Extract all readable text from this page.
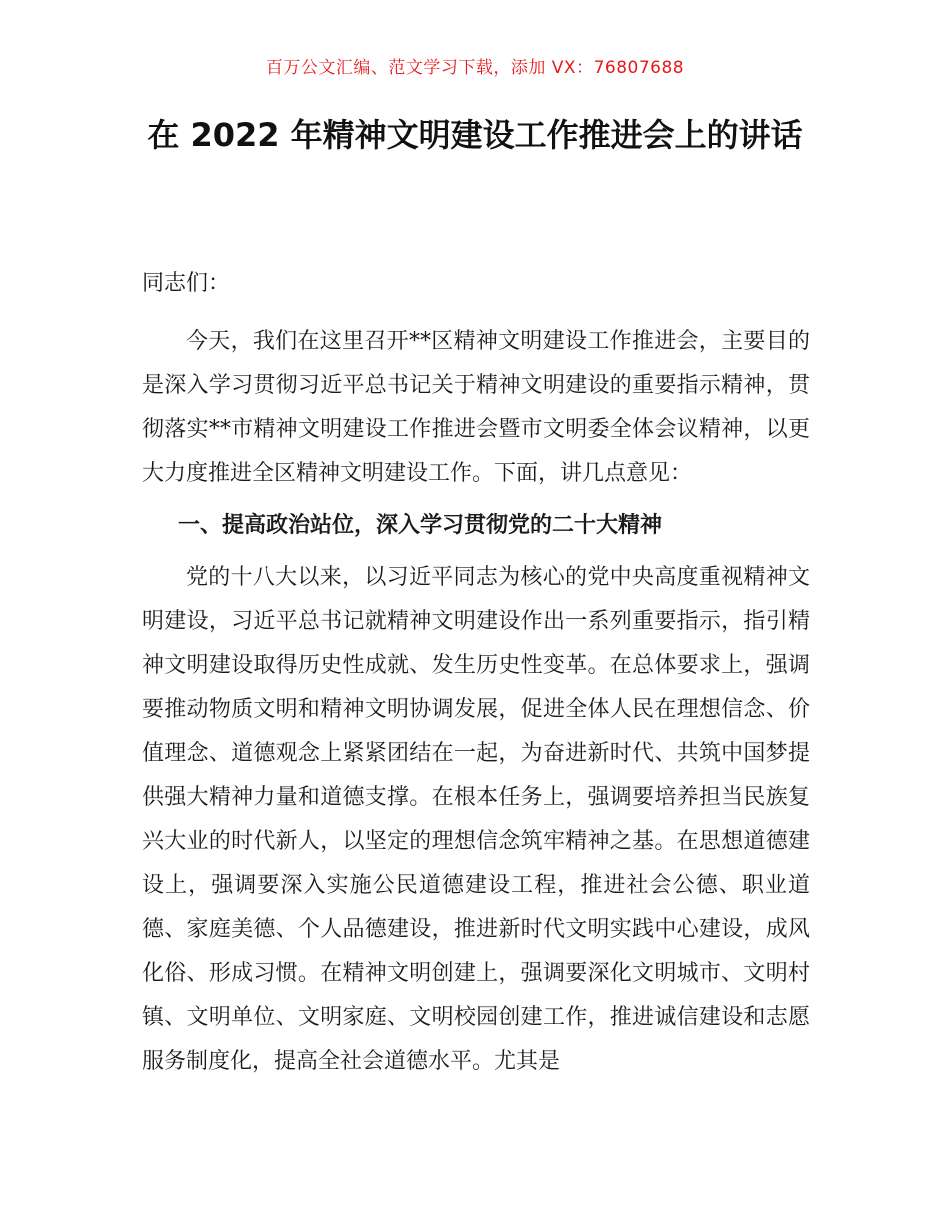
百万公文汇编、范文学习下载，添加 VX：76807688
在 2022 年精神文明建设工作推进会上的讲话

同志们：

今天，我们在这里召开**区精神文明建设工作推进会，主要目的是深入学习贯彻习近平总书记关于精神文明建设的重要指示精神，贯彻落实**市精神文明建设工作推进会暨市文明委全体会议精神，以更大力度推进全区精神文明建设工作。下面，讲几点意见：

一、提高政治站位，深入学习贯彻党的二十大精神

党的十八大以来，以习近平同志为核心的党中央高度重视精神文明建设，习近平总书记就精神文明建设作出一系列重要指示，指引精神文明建设取得历史性成就、发生历史性变革。在总体要求上，强调要推动物质文明和精神文明协调发展，促进全体人民在理想信念、价值理念、道德观念上紧紧团结在一起，为奋进新时代、共筑中国梦提供强大精神力量和道德支撑。在根本任务上，强调要培养担当民族复兴大业的时代新人，以坚定的理想信念筑牢精神之基。在思想道德建设上，强调要深入实施公民道德建设工程，推进社会公德、职业道德、家庭美德、个人品德建设，推进新时代文明实践中心建设，成风化俗、形成习惯。在精神文明创建上，强调要深化文明城市、文明村镇、文明单位、文明家庭、文明校园创建工作，推进诚信建设和志愿服务制度化，提高全社会道德水平。尤其是
